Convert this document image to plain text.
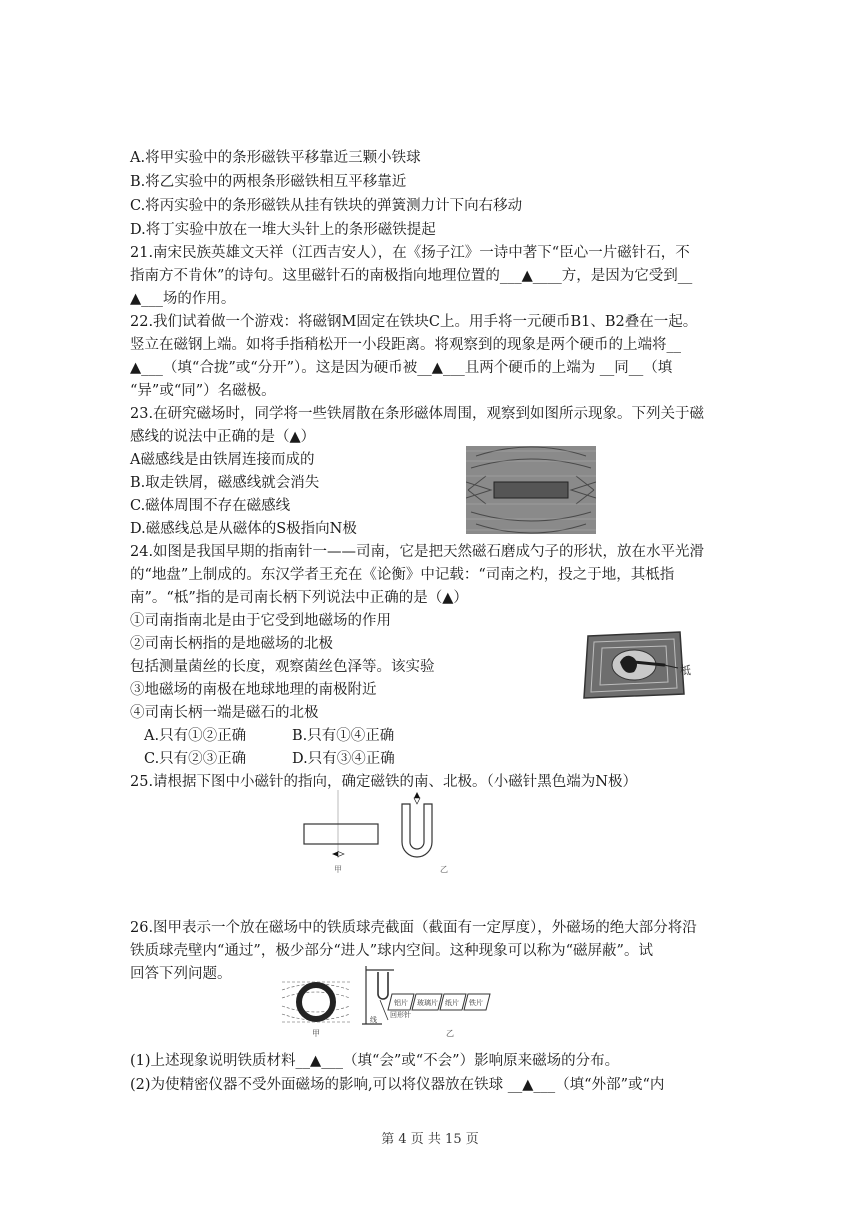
A.将甲实验中的条形磁铁平移靠近三颗小铁球
B.将乙实验中的两根条形磁铁相互平移靠近
C.将丙实验中的条形磁铁从挂有铁块的弹簧测力计下向右移动
D.将丁实验中放在一堆大头针上的条形磁铁提起
21.南宋民族英雄文天祥（江西吉安人），在《扬子江》一诗中著下“臣心一片磁针石，不
指南方不肯休”的诗句。这里磁针石的南极指向地理位置的___▲____方，是因为它受到__
▲___场的作用。
22.我们试着做一个游戏：将磁钢M固定在铁块C上。用手将一元硬币B1、B2叠在一起。
竖立在磁钢上端。如将手指稍松开一小段距离。将观察到的现象是两个硬币的上端将__
▲___（填“合拢”或“分开”）。这是因为硬币被__▲___且两个硬币的上端为 __同__（填
“异”或“同”）名磁极。
23.在研究磁场时，同学将一些铁屑散在条形磁体周围，观察到如图所示现象。下列关于磁
感线的说法中正确的是（▲）
A磁感线是由铁屑连接而成的
B.取走铁屑，磁感线就会消失
C.磁体周围不存在磁感线
D.磁感线总是从磁体的S极指向N极
24.如图是我国早期的指南针一——司南，它是把天然磁石磨成勺子的形状，放在水平光滑
的“地盘”上制成的。东汉学者王充在《论衡》中记载：“司南之杓，投之于地，其柢指
南”。“柢”指的是司南长柄下列说法中正确的是（▲）
①司南指南北是由于它受到地磁场的作用
②司南长柄指的是地磁场的北极
包括测量菌丝的长度，观察菌丝色泽等。该实验
③地磁场的南极在地球地理的南极附近
④司南长柄一端是磁石的北极
A.只有①②正确	B.只有①④正确
C.只有②③正确	D.只有③④正确
25.请根据下图中小磁针的指向，确定磁铁的南、北极。（小磁针黑色端为N极）
26.图甲表示一个放在磁场中的铁质球壳截面（截面有一定厚度），外磁场的绝大部分将沿
铁质球壳壁内“通过”，极少部分“进人”球内空间。这种现象可以称为“磁屏蔽”。试
回答下列问题。
(1)上述现象说明铁质材料__▲___（填“会”或“不会”）影响原来磁场的分布。
(2)为使精密仪器不受外面磁场的影响,可以将仪器放在铁球 __▲___（填“外部”或“内
柢
甲	乙
甲
线
回形针
铝片 玻璃片 纸片 铁片
乙
第 4 页 共 15 页
